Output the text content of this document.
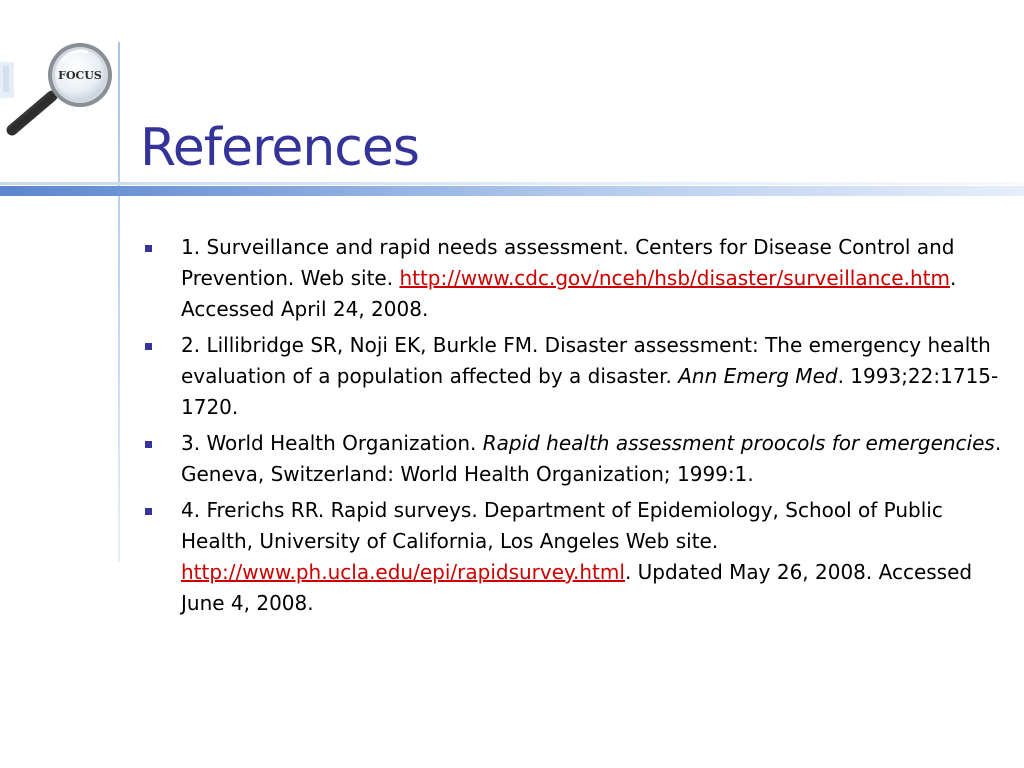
FOCUS
References
1. Surveillance and rapid needs assessment. Centers for Disease Control and Prevention. Web site. http://www.cdc.gov/nceh/hsb/disaster/surveillance.htm. Accessed April 24, 2008.
2. Lillibridge SR, Noji EK, Burkle FM. Disaster assessment: The emergency health evaluation of a population affected by a disaster. Ann Emerg Med. 1993;22:1715-1720.
3. World Health Organization. Rapid health assessment proocols for emergencies. Geneva, Switzerland: World Health Organization; 1999:1.
4. Frerichs RR. Rapid surveys. Department of Epidemiology, School of Public Health, University of California, Los Angeles Web site. http://www.ph.ucla.edu/epi/rapidsurvey.html. Updated May 26, 2008. Accessed June 4, 2008.
